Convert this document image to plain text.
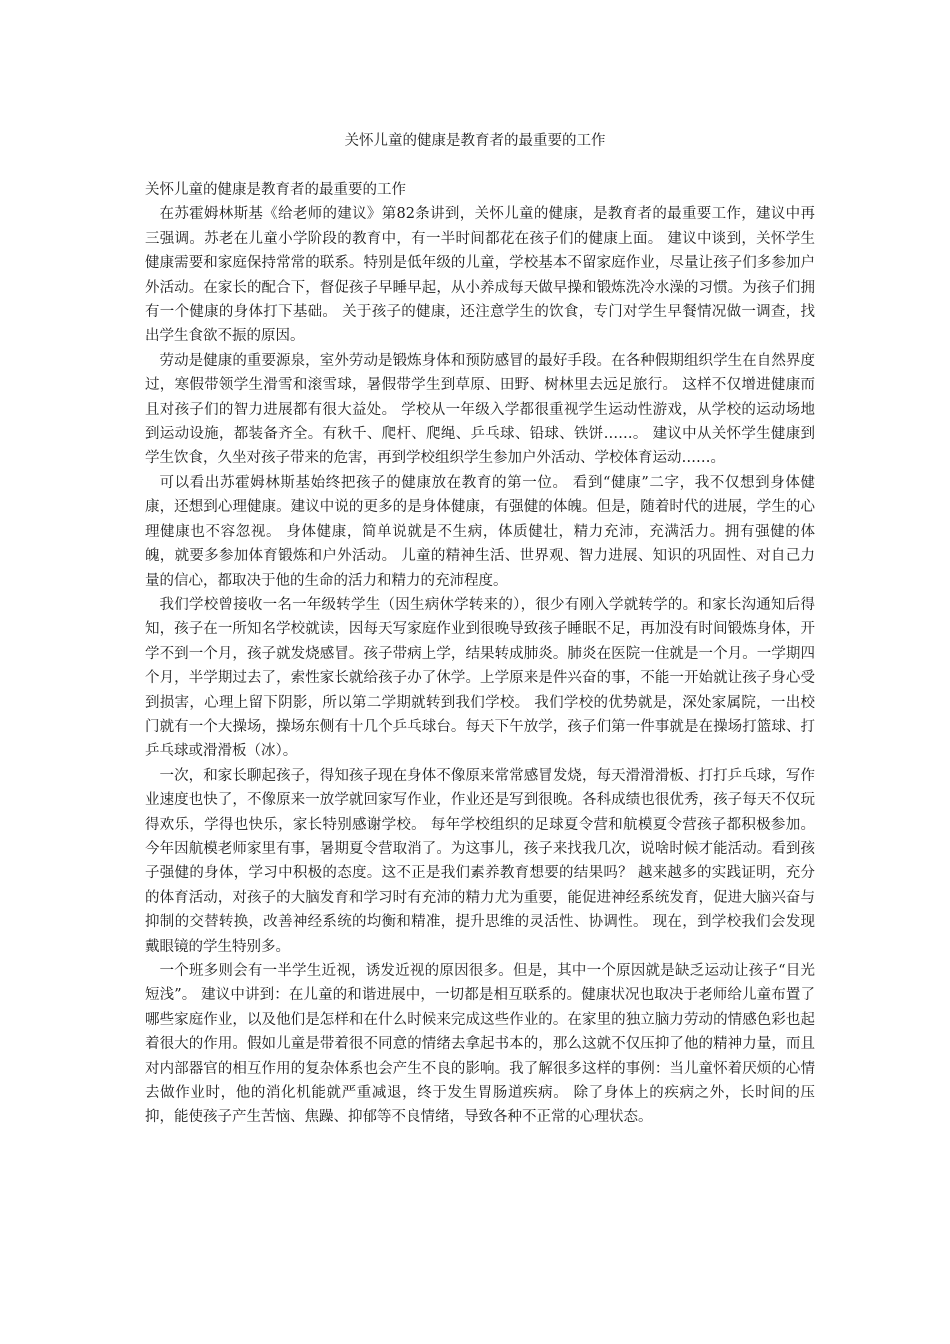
关怀儿童的健康是教育者的最重要的工作
关怀儿童的健康是教育者的最重要的工作

在苏霍姆林斯基《给老师的建议》第82条讲到，关怀儿童的健康，是教育者的最重要工作，建议中再三强调。苏老在儿童小学阶段的教育中，有一半时间都花在孩子们的健康上面。 建议中谈到，关怀学生健康需要和家庭保持常常的联系。特别是低年级的儿童，学校基本不留家庭作业，尽量让孩子们多参加户外活动。在家长的配合下，督促孩子早睡早起，从小养成每天做早操和锻炼洗冷水澡的习惯。为孩子们拥有一个健康的身体打下基础。 关于孩子的健康，还注意学生的饮食，专门对学生早餐情况做一调查，找出学生食欲不振的原因。

劳动是健康的重要源泉，室外劳动是锻炼身体和预防感冒的最好手段。在各种假期组织学生在自然界度过，寒假带领学生滑雪和滚雪球，暑假带学生到草原、田野、树林里去远足旅行。 这样不仅增进健康而且对孩子们的智力进展都有很大益处。 学校从一年级入学都很重视学生运动性游戏，从学校的运动场地到运动设施，都装备齐全。有秋千、爬杆、爬绳、乒乓球、铅球、铁饼……。 建议中从关怀学生健康到学生饮食，久坐对孩子带来的危害，再到学校组织学生参加户外活动、学校体育运动……。

可以看出苏霍姆林斯基始终把孩子的健康放在教育的第一位。 看到“健康”二字，我不仅想到身体健康，还想到心理健康。建议中说的更多的是身体健康，有强健的体魄。但是，随着时代的进展，学生的心理健康也不容忽视。 身体健康，简单说就是不生病，体质健壮，精力充沛，充满活力。拥有强健的体魄，就要多参加体育锻炼和户外活动。 儿童的精神生活、世界观、智力进展、知识的巩固性、对自己力量的信心，都取决于他的生命的活力和精力的充沛程度。

我们学校曾接收一名一年级转学生（因生病休学转来的），很少有刚入学就转学的。和家长沟通知后得知，孩子在一所知名学校就读，因每天写家庭作业到很晚导致孩子睡眠不足，再加没有时间锻炼身体，开学不到一个月，孩子就发烧感冒。孩子带病上学，结果转成肺炎。肺炎在医院一住就是一个月。一学期四个月，半学期过去了，索性家长就给孩子办了休学。上学原来是件兴奋的事，不能一开始就让孩子身心受到损害，心理上留下阴影，所以第二学期就转到我们学校。 我们学校的优势就是，深处家属院，一出校门就有一个大操场，操场东侧有十几个乒乓球台。每天下午放学，孩子们第一件事就是在操场打篮球、打乒乓球或滑滑板（冰）。

一次，和家长聊起孩子，得知孩子现在身体不像原来常常感冒发烧，每天滑滑滑板、打打乒乓球，写作业速度也快了，不像原来一放学就回家写作业，作业还是写到很晚。各科成绩也很优秀，孩子每天不仅玩得欢乐，学得也快乐，家长特别感谢学校。 每年学校组织的足球夏令营和航模夏令营孩子都积极参加。今年因航模老师家里有事，暑期夏令营取消了。为这事儿，孩子来找我几次，说啥时候才能活动。看到孩子强健的身体，学习中积极的态度。这不正是我们素养教育想要的结果吗？ 越来越多的实践证明，充分的体育活动，对孩子的大脑发育和学习时有充沛的精力尤为重要，能促进神经系统发育，促进大脑兴奋与抑制的交替转换，改善神经系统的均衡和精准，提升思维的灵活性、协调性。 现在，到学校我们会发现戴眼镜的学生特别多。

一个班多则会有一半学生近视，诱发近视的原因很多。但是，其中一个原因就是缺乏运动让孩子“目光短浅”。 建议中讲到：在儿童的和谐进展中，一切都是相互联系的。健康状况也取决于老师给儿童布置了哪些家庭作业，以及他们是怎样和在什么时候来完成这些作业的。在家里的独立脑力劳动的情感色彩也起着很大的作用。假如儿童是带着很不同意的情绪去拿起书本的，那么这就不仅压抑了他的精神力量，而且对内部器官的相互作用的复杂体系也会产生不良的影响。我了解很多这样的事例：当儿童怀着厌烦的心情去做作业时，他的消化机能就严重减退，终于发生胃肠道疾病。 除了身体上的疾病之外，长时间的压抑，能使孩子产生苦恼、焦躁、抑郁等不良情绪，导致各种不正常的心理状态。
